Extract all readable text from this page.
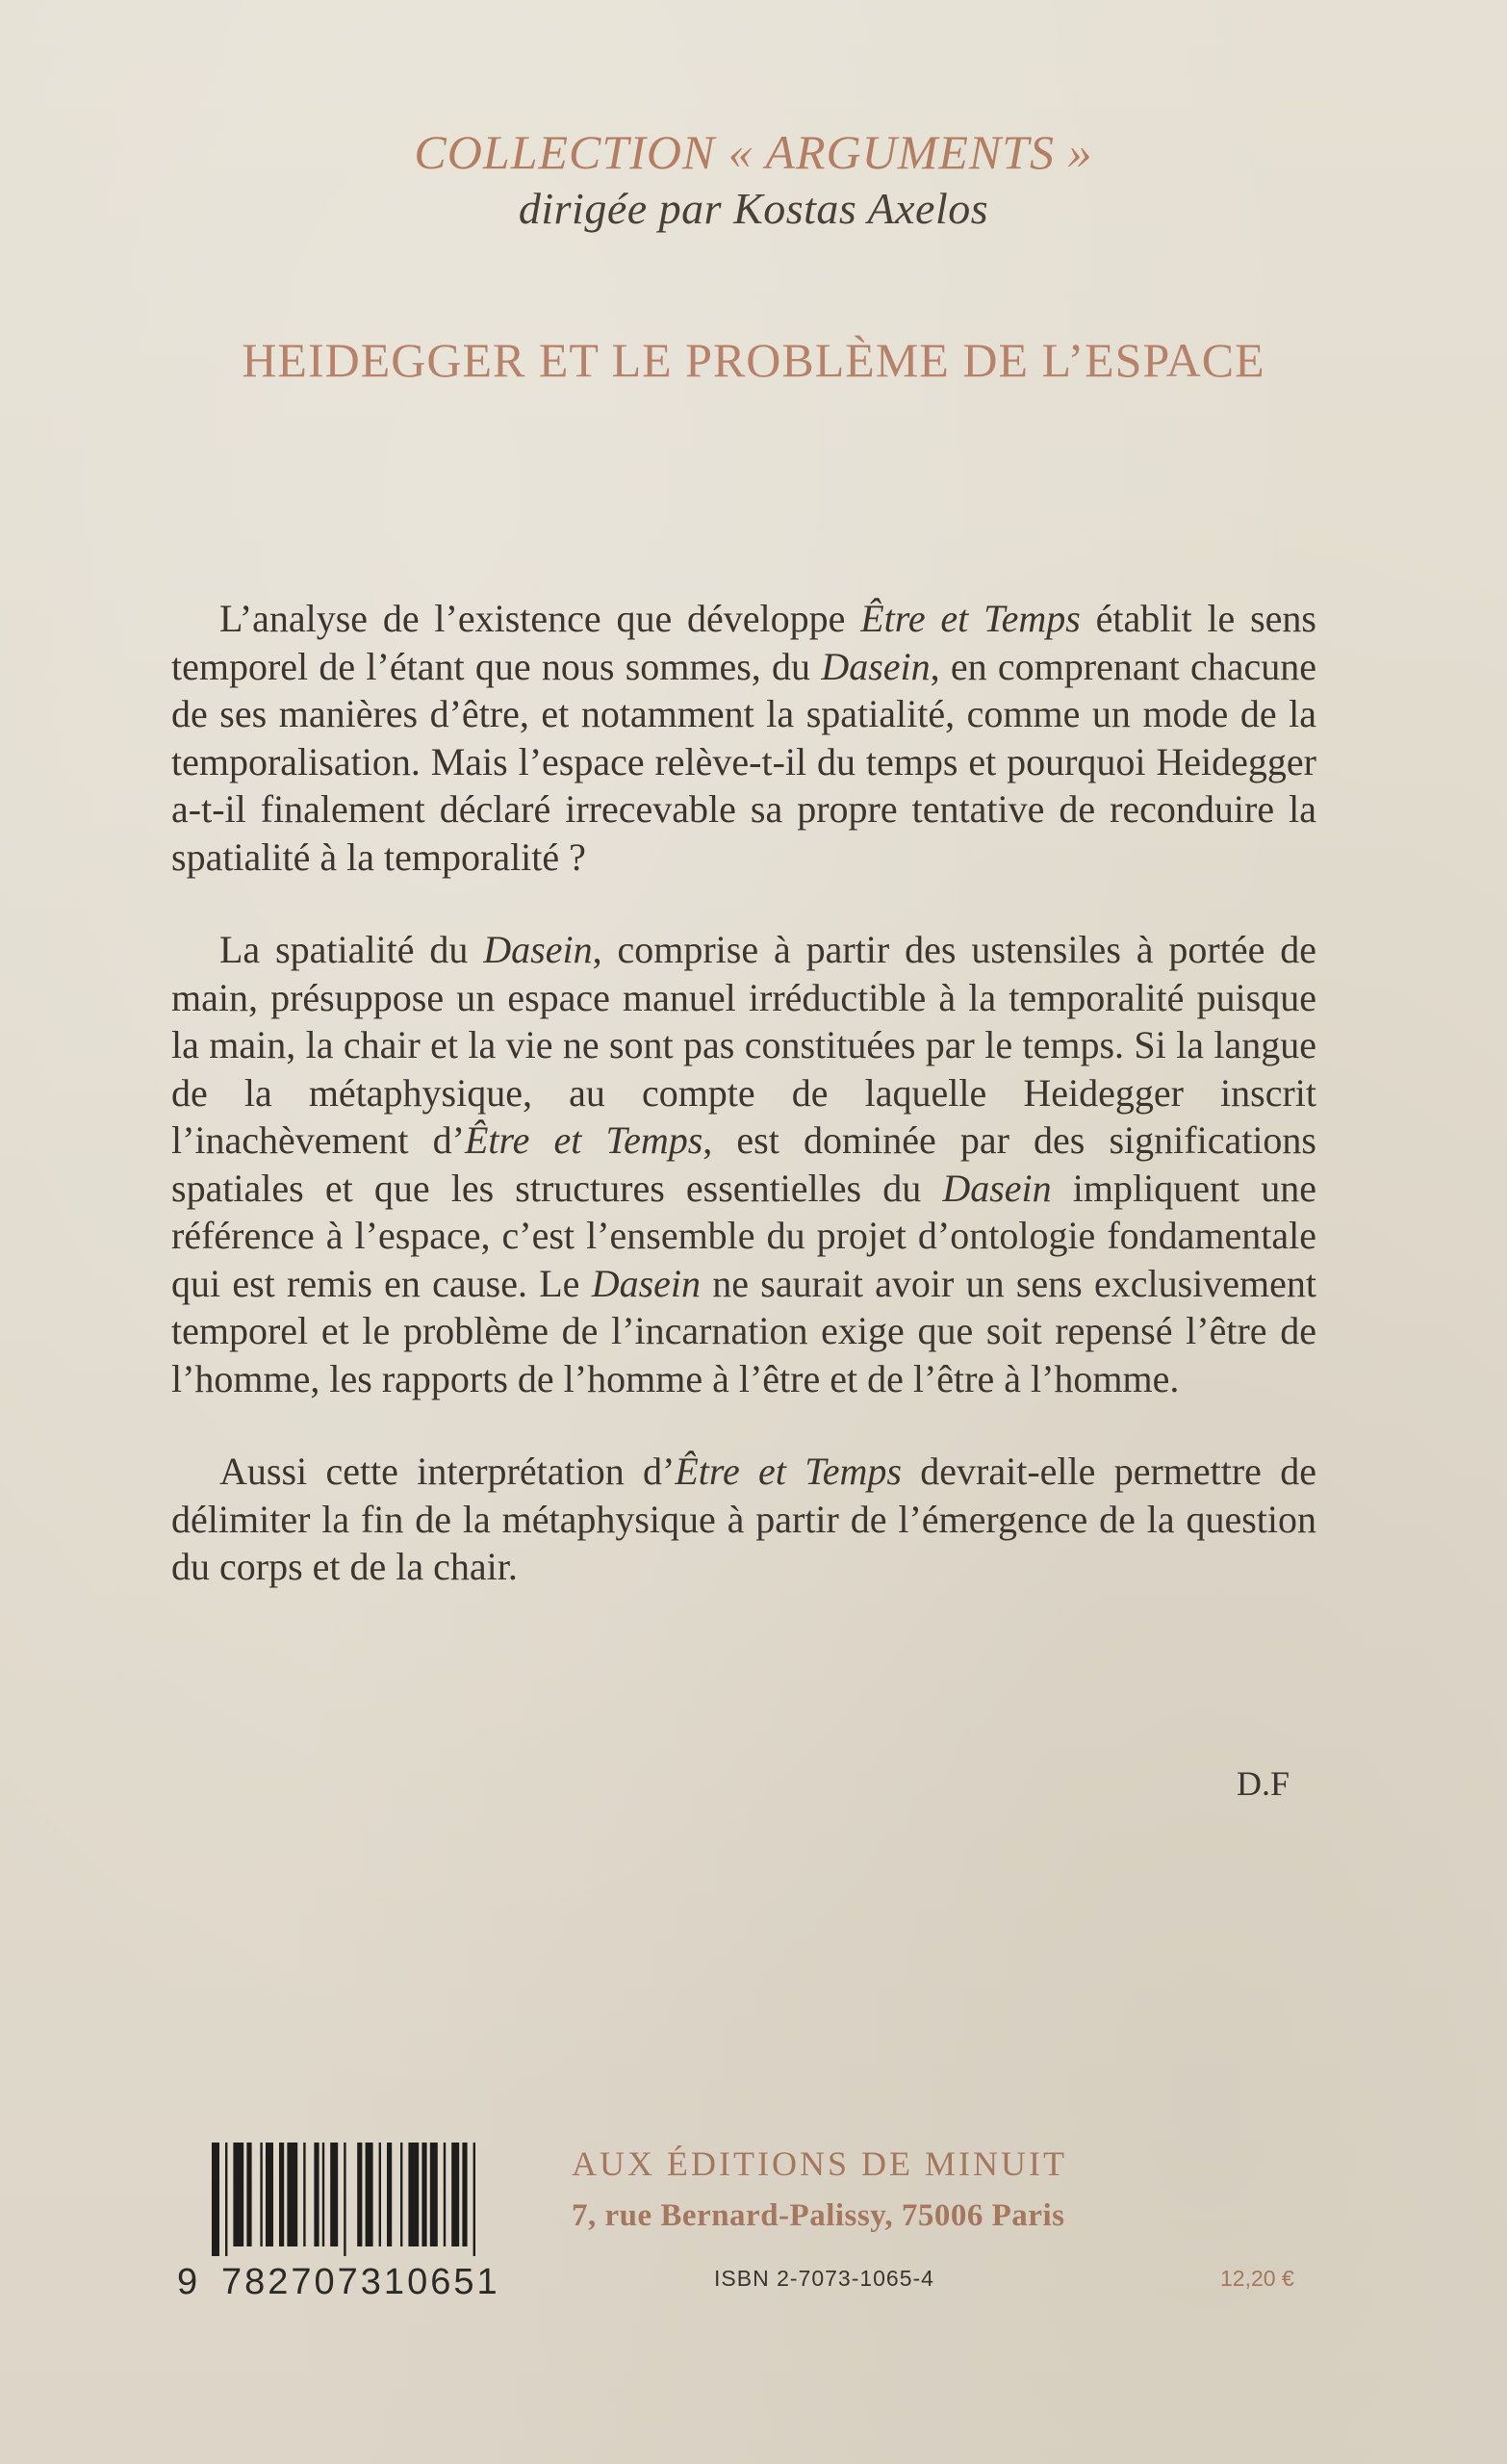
COLLECTION « ARGUMENTS »
dirigée par Kostas Axelos
HEIDEGGER ET LE PROBLÈME DE L’ESPACE

L’analyse de l’existence que développe Être et Temps établit le sens temporel de l’étant que nous sommes, du Dasein, en comprenant chacune de ses manières d’être, et notamment la spatialité, comme un mode de la temporalisation. Mais l’espace relève-t-il du temps et pourquoi Heidegger a-t-il finalement déclaré irrecevable sa propre tentative de reconduire la spatialité à la temporalité ?

La spatialité du Dasein, comprise à partir des ustensiles à portée de main, présuppose un espace manuel irréductible à la temporalité puisque la main, la chair et la vie ne sont pas constituées par le temps. Si la langue de la métaphysique, au compte de laquelle Heidegger inscrit l’inachèvement d’Être et Temps, est dominée par des significations spatiales et que les structures essentielles du Dasein impliquent une référence à l’espace, c’est l’ensemble du projet d’ontologie fondamentale qui est remis en cause. Le Dasein ne saurait avoir un sens exclusivement temporel et le problème de l’incarnation exige que soit repensé l’être de l’homme, les rapports de l’homme à l’être et de l’être à l’homme.

Aussi cette interprétation d’Être et Temps devrait-elle permettre de délimiter la fin de la métaphysique à partir de l’émergence de la question du corps et de la chair.

D.F
9 782707310651
AUX ÉDITIONS DE MINUIT
7, rue Bernard-Palissy, 75006 Paris
ISBN 2-7073-1065-4	12,20 €
